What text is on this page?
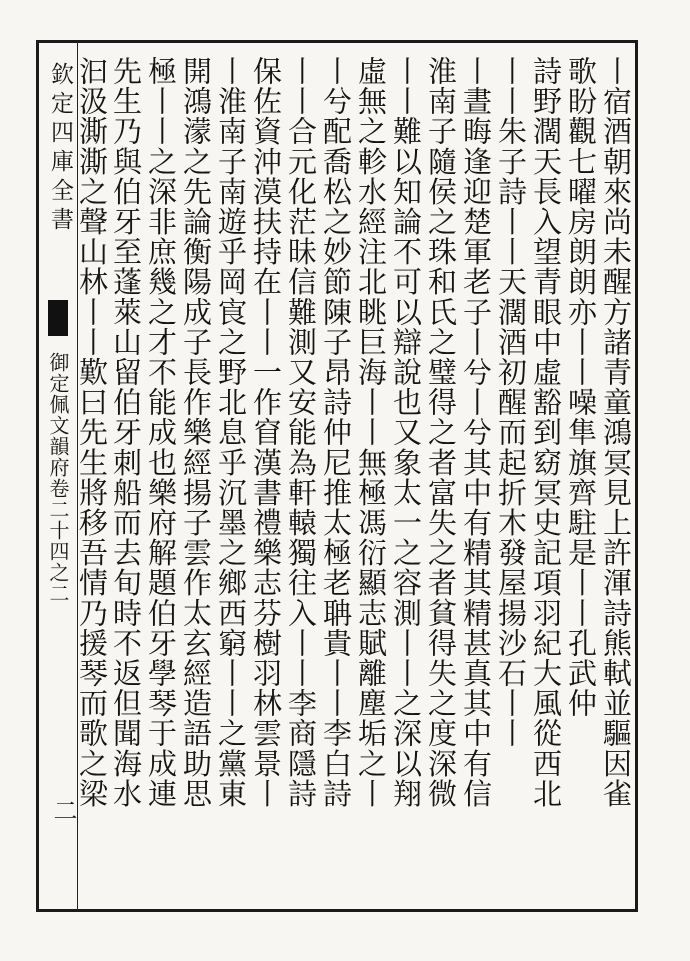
欽定四庫全書
御定佩文韻府卷二十四之二
二
丨宿酒朝來尚未醒方諸青童鴻冥見上許渾詩熊軾並驅因雀
歌盼觀七曜房朗朗亦丨丨噪隼旗齊駐是丨丨孔武仲
詩野濶天長入望青眼中虛豁到窈冥史記項羽紀大風從西北
丨丨朱子詩丨丨天濶酒初醒而起折木發屋揚沙石丨丨
丨晝晦逢迎楚軍老子丨兮丨兮其中有精其精甚真其中有信
淮南子隨侯之珠和氏之璧得之者富失之者貧得失之度深微
丨丨難以知論不可以辯說也又象太一之容測丨丨之深以翔
虛無之軫水經注北眺巨海丨丨無極馮衍顯志賦離塵垢之丨
丨兮配喬松之妙節陳子昂詩仲尼推太極老聃貴丨丨李白詩
丨丨合元化茫昧信難測又安能為軒轅獨往入丨丨李商隱詩
保佐資沖漠扶持在丨丨一作窅漢書禮樂志芬樹羽林雲景丨
丨淮南子南遊乎岡㝗之野北息乎沉墨之鄉西窮丨丨之黨東
開鴻濛之先論衡陽成子長作樂經揚子雲作太玄經造語助思
極丨丨之深非庶幾之才不能成也樂府解題伯牙學琴于成連
先生乃與伯牙至蓬萊山留伯牙刺船而去旬時不返但聞海水
汩汲澌澌之聲山林丨丨歎曰先生將移吾情乃援琴而歌之梁
